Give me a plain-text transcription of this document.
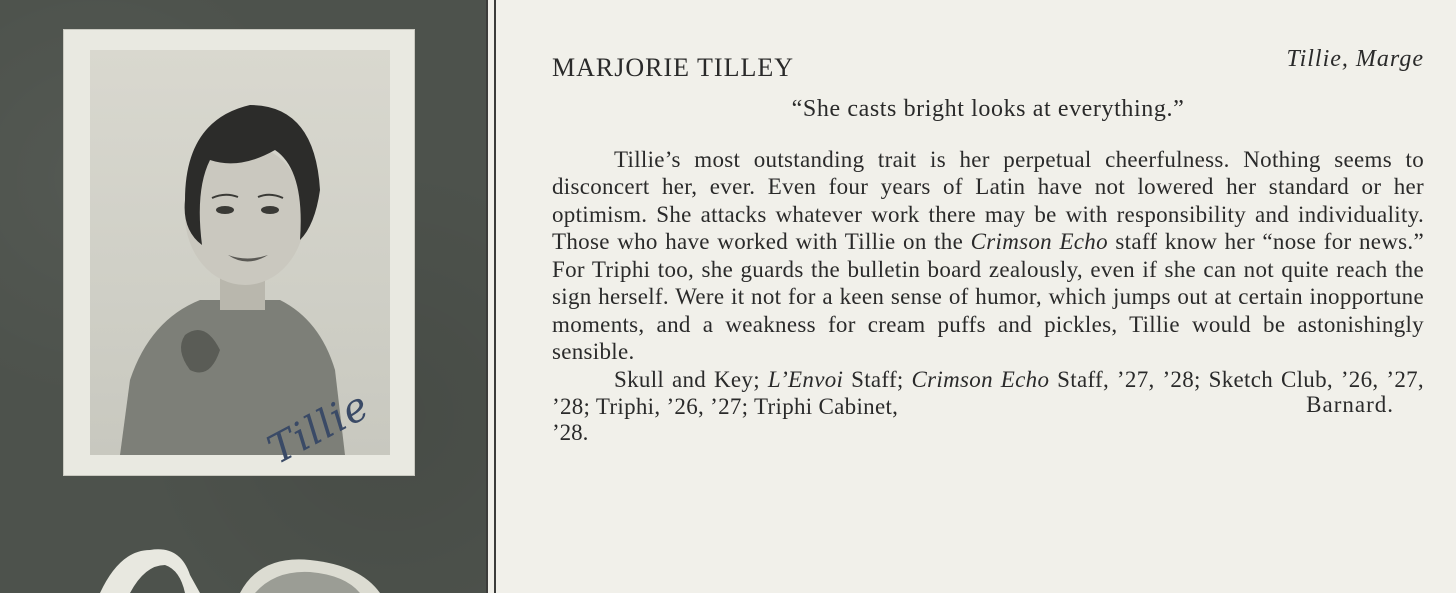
Tillie
MARJORIE TILLEY	Tillie, Marge
“She casts bright looks at everything.”

Tillie’s most outstanding trait is her perpetual cheerfulness. Nothing seems to disconcert her, ever. Even four years of Latin have not lowered her standard or her optimism. She attacks whatever work there may be with responsibility and individuality. Those who have worked with Tillie on the Crimson Echo staff know her “nose for news.” For Triphi too, she guards the bulletin board zealously, even if she can not quite reach the sign herself. Were it not for a keen sense of humor, which jumps out at certain inopportune moments, and a weakness for cream puffs and pickles, Tillie would be astonishingly sensible.

Skull and Key; L’Envoi Staff; Crimson Echo Staff, ’27, ’28; Sketch Club, ’26, ’27, ’28; Triphi, ’26, ’27; Triphi Cabinet,

’28.
Barnard.
